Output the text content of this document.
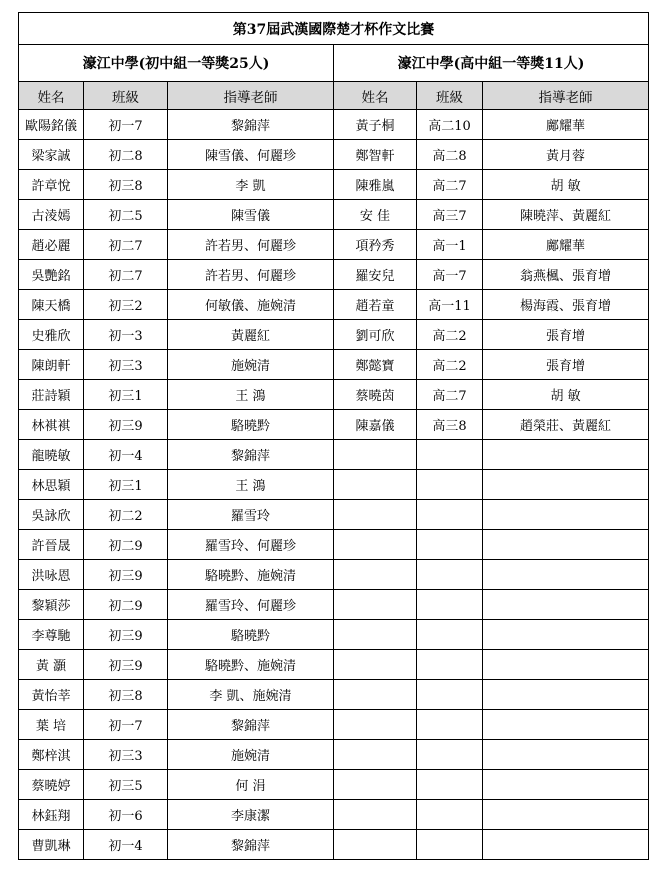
第37屆武漢國際楚才杯作文比賽					
濠江中學(初中組一等獎25人)			濠江中學(高中組一等獎11人)		
姓名	班級	指導老師	姓名	班級	指導老師
歐陽銘儀	初一7	黎錦萍	黃子桐	高二10	鄺耀華
梁家誠	初二8	陳雪儀、何麗珍	鄭智軒	高二8	黃月蓉
許章悅	初三8	李 凱	陳雅嵐	高二7	胡 敏
古淩嫣	初二5	陳雪儀	安 佳	高三7	陳曉萍、黃麗紅
趙必麗	初二7	許若男、何麗珍	項矜秀	高一1	鄺耀華
吳艷銘	初二7	許若男、何麗珍	羅安兒	高一7	翁燕楓、張育增
陳天橋	初三2	何敏儀、施婉清	趙若童	高一11	楊海霞、張育增
史雅欣	初一3	黃麗紅	劉可欣	高二2	張育增
陳朗軒	初三3	施婉清	鄭懿寶	高二2	張育增
莊詩穎	初三1	王 鴻	蔡曉茵	高二7	胡 敏
林褀褀	初三9	駱曉黔	陳嘉儀	高三8	趙榮莊、黃麗紅
龍曉敏	初一4	黎錦萍			
林思穎	初三1	王 鴻			
吳詠欣	初二2	羅雪玲			
許晉晟	初二9	羅雪玲、何麗珍			
洪咏恩	初三9	駱曉黔、施婉清			
黎穎莎	初二9	羅雪玲、何麗珍			
李尊馳	初三9	駱曉黔			
黃 灝	初三9	駱曉黔、施婉清			
黃怡莘	初三8	李 凱、施婉清			
葉 培	初一7	黎錦萍			
鄭梓淇	初三3	施婉清			
蔡曉婷	初三5	何 涓			
林鈺翔	初一6	李康潔			
曹凱琳	初一4	黎錦萍			
